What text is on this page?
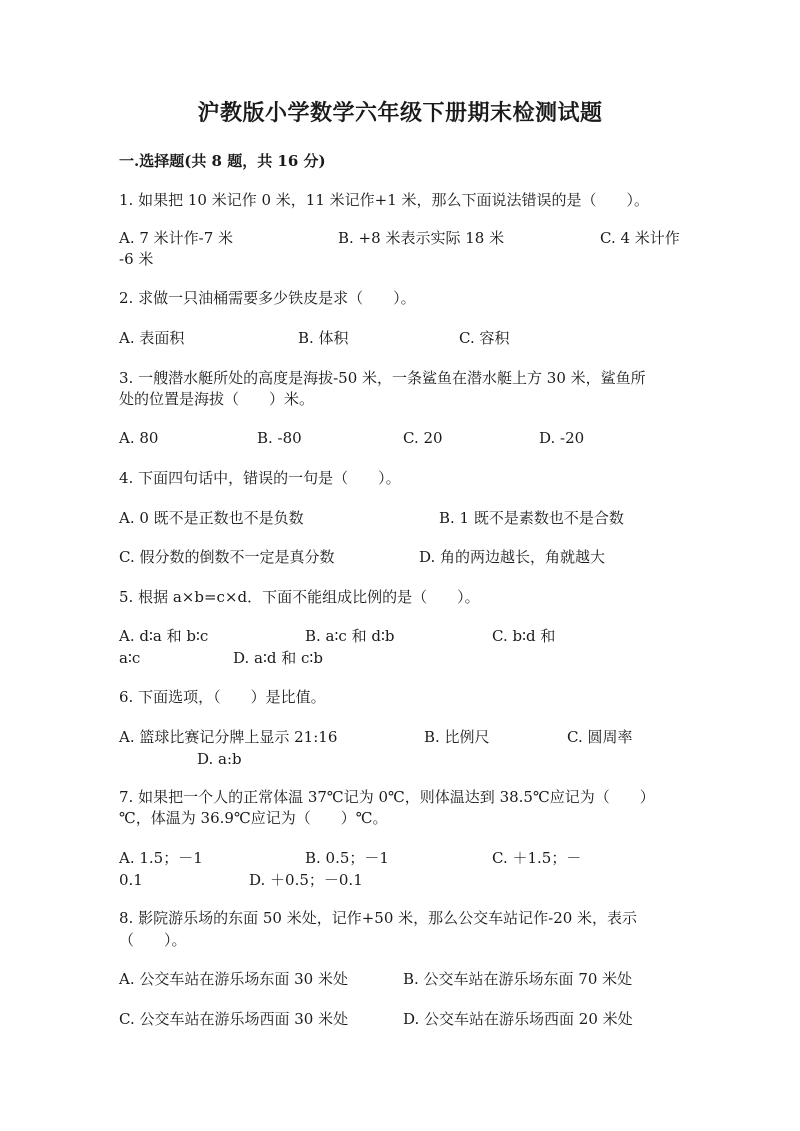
沪教版小学数学六年级下册期末检测试题
一.选择题(共 8 题，共 16 分)
1. 如果把 10 米记作 0 米，11 米记作+1 米，那么下面说法错误的是（　　）。
A. 7 米计作-7 米	B. +8 米表示实际 18 米	C. 4 米计作
-6 米
2. 求做一只油桶需要多少铁皮是求（　　）。
A. 表面积	B. 体积	C. 容积
3. 一艘潜水艇所处的高度是海拔-50 米，一条鲨鱼在潜水艇上方 30 米，鲨鱼所
处的位置是海拔（　　）米。
A. 80	B. -80	C. 20	D. -20
4. 下面四句话中，错误的一句是（　　）。
A. 0 既不是正数也不是负数	B. 1 既不是素数也不是合数
C. 假分数的倒数不一定是真分数	D. 角的两边越长，角就越大
5. 根据 a×b=c×d．下面不能组成比例的是（　　）。
A. d∶a 和 b∶c	B. a∶c 和 d∶b	C. b∶d 和
a∶c	D. a∶d 和 c∶b
6. 下面选项，（　　）是比值。
A. 篮球比赛记分牌上显示 21:16	B. 比例尺	C. 圆周率
D. a:b
7. 如果把一个人的正常体温 37℃记为 0℃，则体温达到 38.5℃应记为（　　）
℃，体温为 36.9℃应记为（　　）℃。
A. 1.5；－1	B. 0.5；－1	C. ＋1.5；－
0.1	D. ＋0.5；－0.1
8. 影院游乐场的东面 50 米处，记作+50 米，那么公交车站记作-20 米，表示
（　　）。
A. 公交车站在游乐场东面 30 米处	B. 公交车站在游乐场东面 70 米处
C. 公交车站在游乐场西面 30 米处	D. 公交车站在游乐场西面 20 米处
